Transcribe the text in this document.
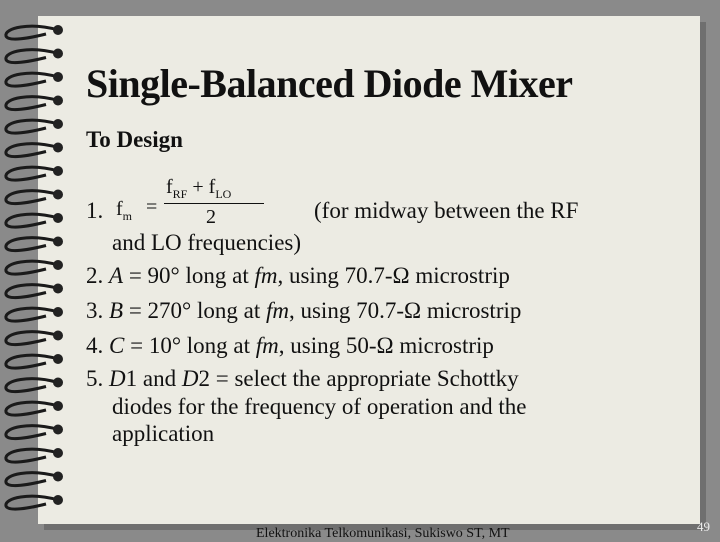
Single-Balanced Diode Mixer
To Design
1. $f_m$ =
$f_{RF} + f_{LO}$
2	(for midway between the RF
and LO frequencies)
2. A = 90° long at fm, using 70.7-Ω microstrip
3. B = 270° long at fm, using 70.7-Ω microstrip
4. C = 10° long at fm, using 50-Ω microstrip
5. D1 and D2 = select the appropriate Schottky
diodes for the frequency of operation and the
application
Elektronika Telkomunikasi, Sukiswo ST, MT	49
